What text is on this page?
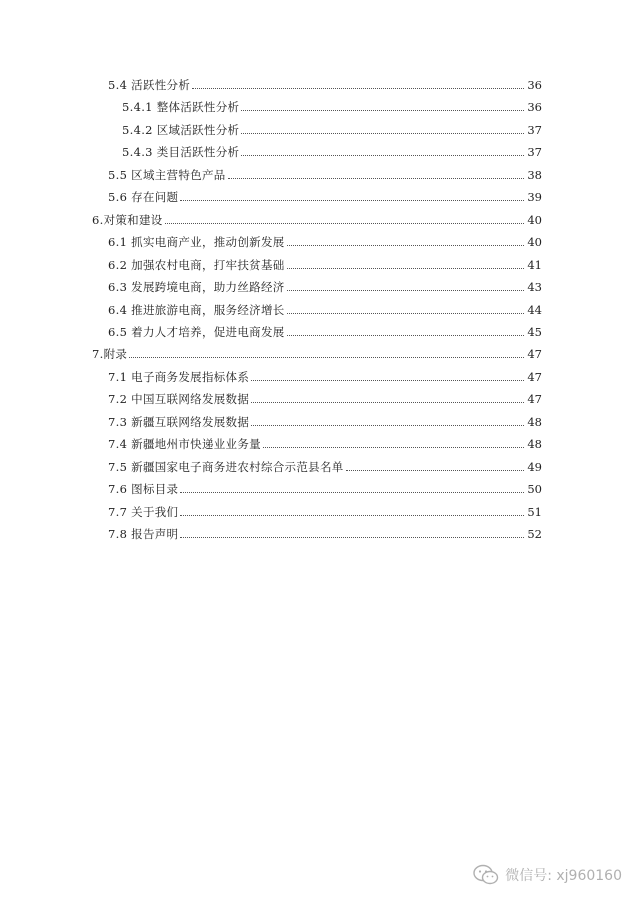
5.4 活跃性分析	36
5.4.1 整体活跃性分析	36
5.4.2 区域活跃性分析	37
5.4.3 类目活跃性分析	37
5.5 区域主营特色产品	38
5.6 存在问题	39
6.对策和建设	40
6.1 抓实电商产业，推动创新发展	40
6.2 加强农村电商，打牢扶贫基础	41
6.3 发展跨境电商，助力丝路经济	43
6.4 推进旅游电商，服务经济增长	44
6.5 着力人才培养，促进电商发展	45
7.附录	47
7.1 电子商务发展指标体系	47
7.2 中国互联网络发展数据	47
7.3 新疆互联网络发展数据	48
7.4 新疆地州市快递业业务量	48
7.5 新疆国家电子商务进农村综合示范县名单	49
7.6 图标目录	50
7.7 关于我们	51
7.8 报告声明	52
微信号: xj960160
